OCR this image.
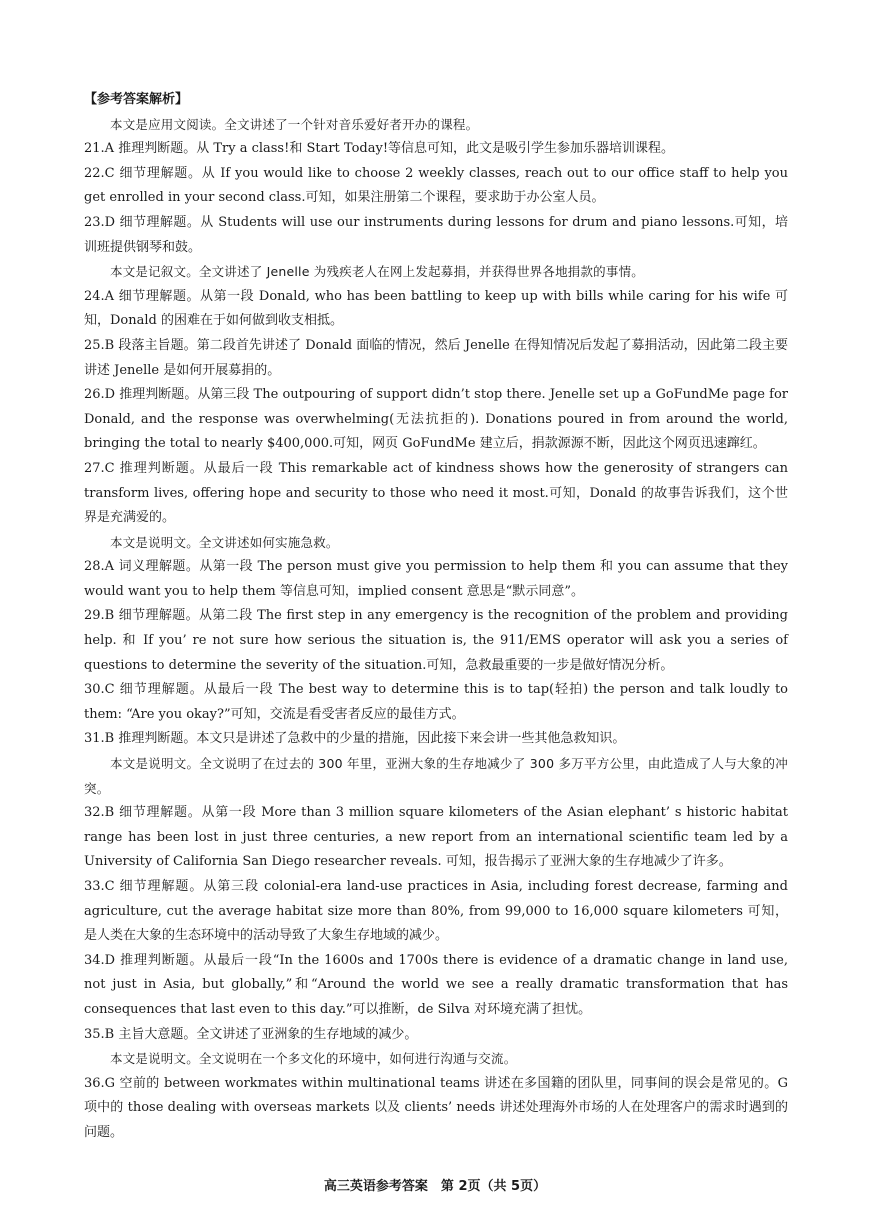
【参考答案解析】

本文是应用文阅读。全文讲述了一个针对音乐爱好者开办的课程。

21.A 推理判断题。从 Try a class!和 Start Today!等信息可知，此文是吸引学生参加乐器培训课程。

22.C 细节理解题。从 If you would like to choose 2 weekly classes, reach out to our office staff to help you get enrolled in your second class.可知，如果注册第二个课程，要求助于办公室人员。

23.D 细节理解题。从 Students will use our instruments during lessons for drum and piano lessons.可知，培训班提供钢琴和鼓。

本文是记叙文。全文讲述了 Jenelle 为残疾老人在网上发起募捐，并获得世界各地捐款的事情。

24.A 细节理解题。从第一段 Donald, who has been battling to keep up with bills while caring for his wife 可知，Donald 的困难在于如何做到收支相抵。

25.B 段落主旨题。第二段首先讲述了 Donald 面临的情况，然后 Jenelle 在得知情况后发起了募捐活动，因此第二段主要讲述 Jenelle 是如何开展募捐的。

26.D 推理判断题。从第三段 The outpouring of support didn’t stop there. Jenelle set up a GoFundMe page for Donald, and the response was overwhelming(无法抗拒的). Donations poured in from around the world, bringing the total to nearly $400,000.可知，网页 GoFundMe 建立后，捐款源源不断，因此这个网页迅速蹿红。

27.C 推理判断题。从最后一段 This remarkable act of kindness shows how the generosity of strangers can transform lives, offering hope and security to those who need it most.可知，Donald 的故事告诉我们，这个世界是充满爱的。

本文是说明文。全文讲述如何实施急救。

28.A 词义理解题。从第一段 The person must give you permission to help them 和 you can assume that they would want you to help them 等信息可知，implied consent 意思是“默示同意”。

29.B 细节理解题。从第二段 The first step in any emergency is the recognition of the problem and providing help. 和 If you’ re not sure how serious the situation is, the 911/EMS operator will ask you a series of questions to determine the severity of the situation.可知，急救最重要的一步是做好情况分析。

30.C 细节理解题。从最后一段 The best way to determine this is to tap(轻拍) the person and talk loudly to them: “Are you okay?”可知，交流是看受害者反应的最佳方式。

31.B 推理判断题。本文只是讲述了急救中的少量的措施，因此接下来会讲一些其他急救知识。

本文是说明文。全文说明了在过去的 300 年里，亚洲大象的生存地减少了 300 多万平方公里，由此造成了人与大象的冲突。

32.B 细节理解题。从第一段 More than 3 million square kilometers of the Asian elephant’ s historic habitat range has been lost in just three centuries, a new report from an international scientific team led by a University of California San Diego researcher reveals. 可知，报告揭示了亚洲大象的生存地减少了许多。

33.C 细节理解题。从第三段 colonial-era land-use practices in Asia, including forest decrease, farming and agriculture, cut the average habitat size more than 80%, from 99,000 to 16,000 square kilometers 可知，是人类在大象的生态环境中的活动导致了大象生存地域的减少。

34.D 推理判断题。从最后一段“In the 1600s and 1700s there is evidence of a dramatic change in land use, not just in Asia, but globally,”和“Around the world we see a really dramatic transformation that has consequences that last even to this day.”可以推断，de Silva 对环境充满了担忧。

35.B 主旨大意题。全文讲述了亚洲象的生存地域的减少。

本文是说明文。全文说明在一个多文化的环境中，如何进行沟通与交流。

36.G 空前的 between workmates within multinational teams 讲述在多国籍的团队里，同事间的误会是常见的。G 项中的 those dealing with overseas markets 以及 clients’ needs 讲述处理海外市场的人在处理客户的需求时遇到的问题。

高三英语参考答案　第 2页（共 5页）
